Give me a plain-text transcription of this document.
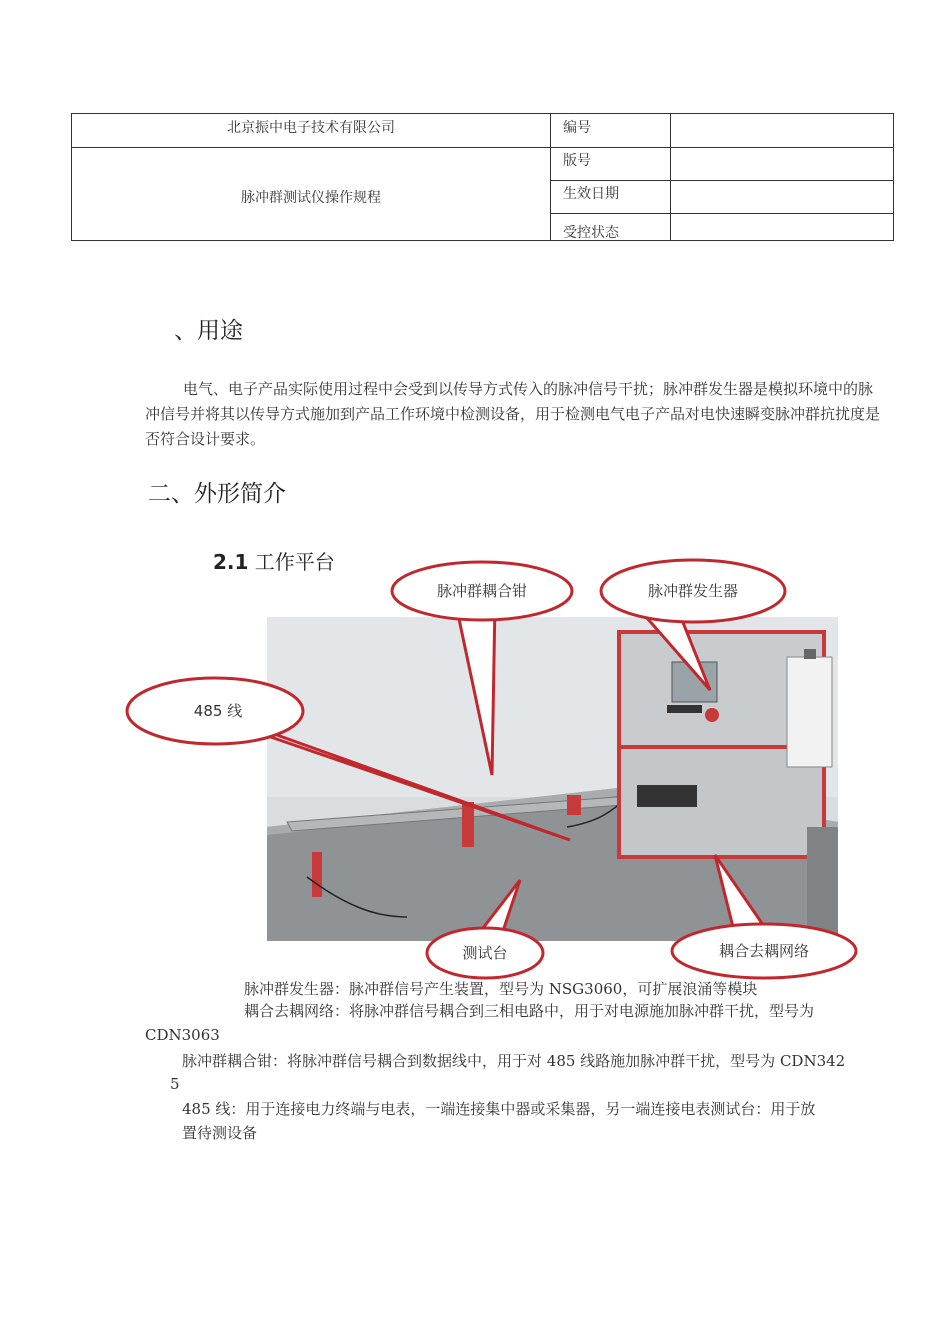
北京振中电子技术有限公司
脉冲群测试仪操作规程
编号
版号
生效日期
受控状态
、用途
电气、电子产品实际使用过程中会受到以传导方式传入的脉冲信号干扰；脉冲群发生器是模拟环境中的脉冲信号并将其以传导方式施加到产品工作环境中检测设备，用于检测电气电子产品对电快速瞬变脉冲群抗扰度是否符合设计要求。
二、外形简介
2.1 工作平台
脉冲群耦合钳	脉冲群发生器
485 线
测试台	耦合去耦网络
脉冲群发生器：脉冲群信号产生装置，型号为 NSG3060，可扩展浪涌等模块
耦合去耦网络：将脉冲群信号耦合到三相电路中，用于对电源施加脉冲群干扰，型号为
CDN3063
脉冲群耦合钳：将脉冲群信号耦合到数据线中，用于对 485 线路施加脉冲群干扰，型号为 CDN342
5
485 线：用于连接电力终端与电表，一端连接集中器或采集器，另一端连接电表测试台：用于放
置待测设备
